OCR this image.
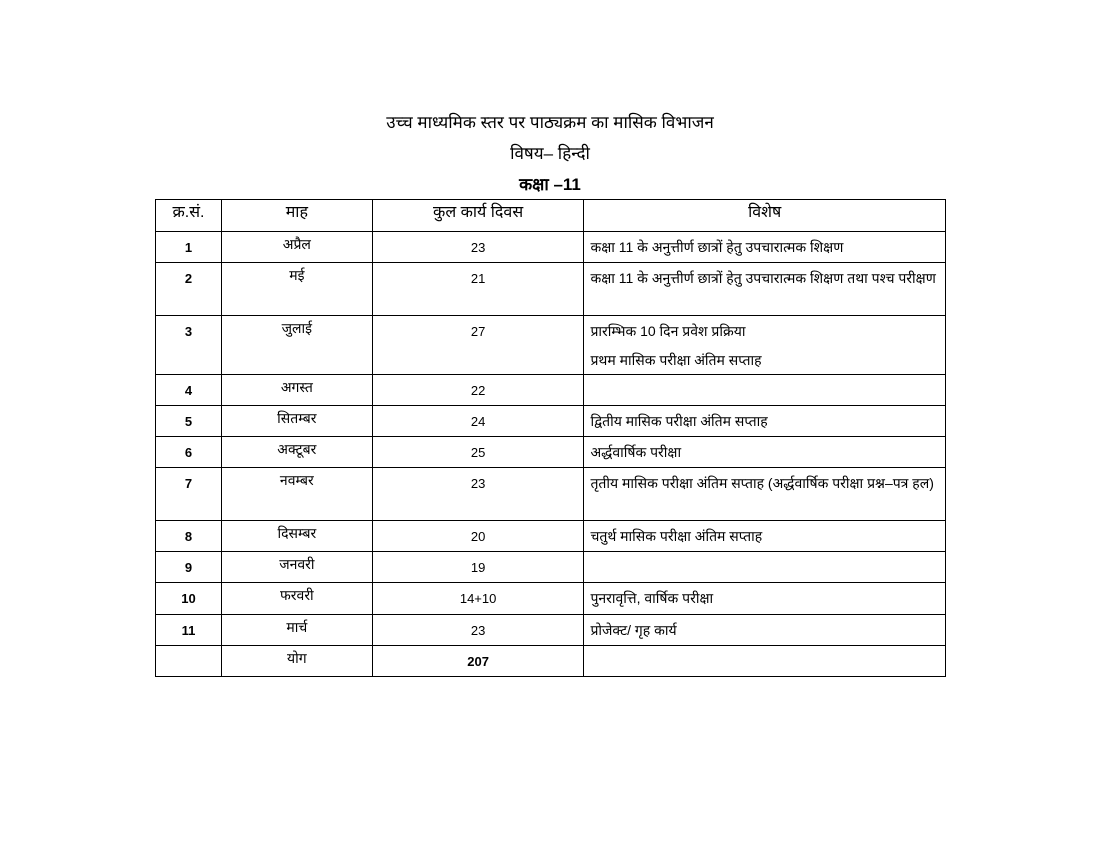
उच्च माध्यमिक स्तर पर पाठ्यक्रम का मासिक विभाजन
विषय– हिन्दी
कक्षा –11
क्र.सं.	माह	कुल कार्य दिवस	विशेष
1	अप्रैल	23	कक्षा 11 के अनुत्तीर्ण छात्रों हेतु उपचारात्मक शिक्षण

2	मई	21	कक्षा 11 के अनुत्तीर्ण छात्रों हेतु उपचारात्मक शिक्षण तथा पश्च परीक्षण

3	जुलाई	27	प्रारम्भिक 10 दिन प्रवेश प्रक्रिया
प्रथम मासिक परीक्षा अंतिम सप्ताह

4	अगस्त	22	

5	सितम्बर	24	द्वितीय मासिक परीक्षा अंतिम सप्ताह

6	अक्टूबर	25	अर्द्धवार्षिक परीक्षा

7	नवम्बर	23	तृतीय मासिक परीक्षा अंतिम सप्ताह (अर्द्धवार्षिक परीक्षा प्रश्न–पत्र हल)

8	दिसम्बर	20	चतुर्थ मासिक परीक्षा अंतिम सप्ताह

9	जनवरी	19	

10	फरवरी	14+10	पुनरावृत्ति, वार्षिक परीक्षा

11	मार्च	23	प्रोजेक्ट/ गृह कार्य

	योग	207	
